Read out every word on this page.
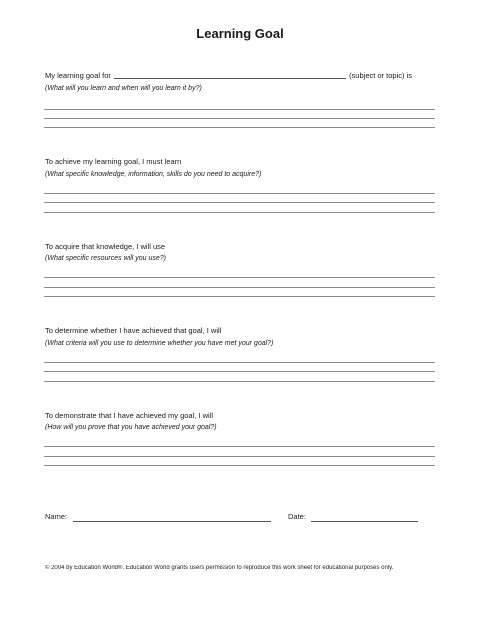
Learning Goal
My learning goal for	(subject or topic) is
(What will you learn and when will you learn it by?)
To achieve my learning goal, I must learn
(What specific knowledge, information, skills do you need to acquire?)
To acquire that knowledge, I will use
(What specific resources will you use?)
To determine whether I have achieved that goal, I will
(What criteria will you use to determine whether you have met your goal?)
To demonstrate that I have achieved my goal, I will
(How will you prove that you have achieved your goal?)
Name:	Date:
© 2004 by Education World®. Education World grants users permission to reproduce this work sheet for educational purposes only.
